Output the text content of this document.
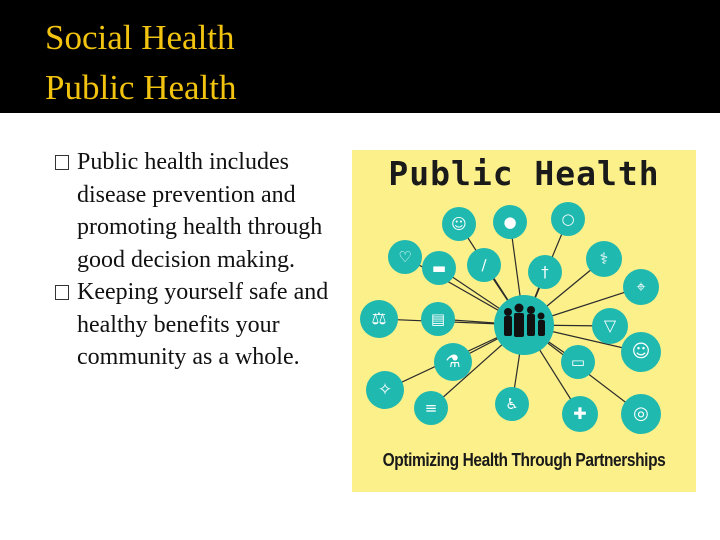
Social Health
Public Health
Public health includes disease prevention and promoting health through good decision making.
Keeping yourself safe and healthy benefits your community as a whole.
Public Health
♡
☺ ●	○
▬ ∕	†
⚕
⌖
⚖	▤	▽
☺
⚗	▭
✧
≡	♿	✚	◎
Optimizing Health Through Partnerships
